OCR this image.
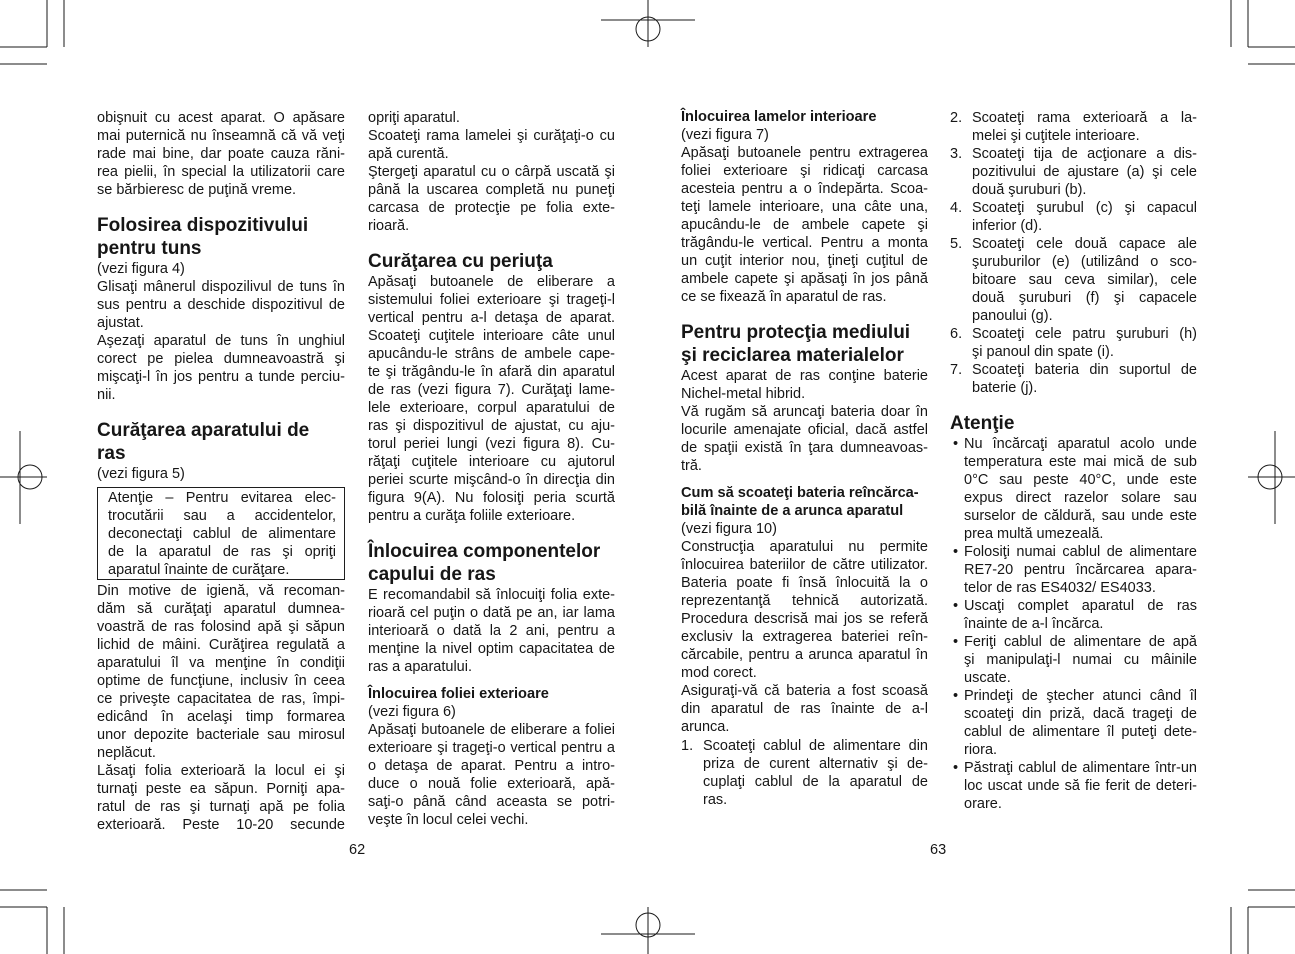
obişnuit cu acest aparat. O apăsare
mai puternică nu înseamnă că vă veţi
rade mai bine, dar poate cauza răni-
rea pielii, în special la utilizatorii care
se bărbieresc de puţină vreme.
Folosirea dispozitivului
pentru tuns
(vezi figura 4)
Glisaţi mânerul dispozilivul de tuns în
sus pentru a deschide dispozitivul de
ajustat.
Aşezaţi aparatul de tuns în unghiul
corect pe pielea dumneavoastră şi
mişcaţi-l în jos pentru a tunde perciu-
nii.
Curăţarea aparatului de
ras
(vezi figura 5)
Atenţie – Pentru evitarea elec-
trocutării sau a accidentelor,
deconectaţi cablul de alimentare
de la aparatul de ras şi opriţi
aparatul înainte de curăţare.
Din motive de igienă, vă recoman-
dăm să curăţaţi aparatul dumnea-
voastră de ras folosind apă şi săpun
lichid de mâini. Curăţirea regulată a
aparatului îl va menţine în condiţii
optime de funcţiune, inclusiv în ceea
ce priveşte capacitatea de ras, împi-
edicând în acelaşi timp formarea
unor depozite bacteriale sau mirosul
neplăcut.
Lăsaţi folia exterioară la locul ei şi
turnaţi peste ea săpun. Porniţi apa-
ratul de ras şi turnaţi apă pe folia
exterioară. Peste 10-20 secunde
opriţi aparatul.
Scoateţi rama lamelei şi curăţaţi-o cu
apă curentă.
Ştergeţi aparatul cu o cârpă uscată şi
până la uscarea completă nu puneţi
carcasa de protecţie pe folia exte-
rioară.
Curăţarea cu periuţa
Apăsaţi butoanele de eliberare a
sistemului foliei exterioare şi trageţi-l
vertical pentru a-l detaşa de aparat.
Scoateţi cuţitele interioare câte unul
apucându-le strâns de ambele cape-
te şi trăgându-le în afară din aparatul
de ras (vezi figura 7). Curăţaţi lame-
lele exterioare, corpul aparatului de
ras şi dispozitivul de ajustat, cu aju-
torul periei lungi (vezi figura 8). Cu-
răţaţi cuţitele interioare cu ajutorul
periei scurte mişcând-o în direcţia din
figura 9(A). Nu folosiţi peria scurtă
pentru a curăţa foliile exterioare.
Înlocuirea componentelor
capului de ras
E recomandabil să înlocuiţi folia exte-
rioară cel puţin o dată pe an, iar lama
interioară o dată la 2 ani, pentru a
menţine la nivel optim capacitatea de
ras a aparatului.
Înlocuirea foliei exterioare
(vezi figura 6)
Apăsaţi butoanele de eliberare a foliei
exterioare şi trageţi-o vertical pentru a
o detaşa de aparat. Pentru a intro-
duce o nouă folie exterioară, apă-
saţi-o până când aceasta se potri-
veşte în locul celei vechi.
Înlocuirea lamelor interioare
(vezi figura 7)
Apăsaţi butoanele pentru extragerea
foliei exterioare şi ridicaţi carcasa
acesteia pentru a o îndepărta. Scoa-
teţi lamele interioare, una câte una,
apucându-le de ambele capete şi
trăgându-le vertical. Pentru a monta
un cuţit interior nou, ţineţi cuţitul de
ambele capete şi apăsaţi în jos până
ce se fixează în aparatul de ras.
Pentru protecţia mediului
şi reciclarea materialelor
Acest aparat de ras conţine baterie
Nichel-metal hibrid.
Vă rugăm să aruncaţi bateria doar în
locurile amenajate oficial, dacă astfel
de spaţii există în ţara dumneavoas-
tră.
Cum să scoateţi bateria reîncărca-
bilă înainte de a arunca aparatul
(vezi figura 10)
Construcţia aparatului nu permite
înlocuirea bateriilor de către utilizator.
Bateria poate fi însă înlocuită la o
reprezentanţă tehnică autorizată.
Procedura descrisă mai jos se referă
exclusiv la extragerea bateriei reîn-
cărcabile, pentru a arunca aparatul în
mod corect.
Asiguraţi-vă că bateria a fost scoasă
din aparatul de ras înainte de a-l
arunca.
1. Scoateţi cablul de alimentare din
priza de curent alternativ şi de-
cuplaţi cablul de la aparatul de
ras.
2. Scoateţi rama exterioară a la-
melei şi cuţitele interioare.
3. Scoateţi tija de acţionare a dis-
pozitivului de ajustare (a) şi cele
două şuruburi (b).
4. Scoateţi şurubul (c) şi capacul
inferior (d).
5. Scoateţi cele două capace ale
şuruburilor (e) (utilizând o sco-
bitoare sau ceva similar), cele
două şuruburi (f) şi capacele
panoului (g).
6. Scoateţi cele patru şuruburi (h)
şi panoul din spate (i).
7. Scoateţi bateria din suportul de
baterie (j).
Atenţie
• Nu încărcaţi aparatul acolo unde
temperatura este mai mică de sub
0°C sau peste 40°C, unde este
expus direct razelor solare sau
surselor de căldură, sau unde este
prea multă umezeală.
• Folosiţi numai cablul de alimentare
RE7-20 pentru încărcarea apara-
telor de ras ES4032/ ES4033.
• Uscaţi complet aparatul de ras
înainte de a-l încărca.
• Feriţi cablul de alimentare de apă
şi manipulaţi-l numai cu mâinile
uscate.
• Prindeţi de ştecher atunci când îl
scoateţi din priză, dacă trageţi de
cablul de alimentare îl puteţi dete-
riora.
• Păstraţi cablul de alimentare într-un
loc uscat unde să fie ferit de deteri-
orare.
62	63
